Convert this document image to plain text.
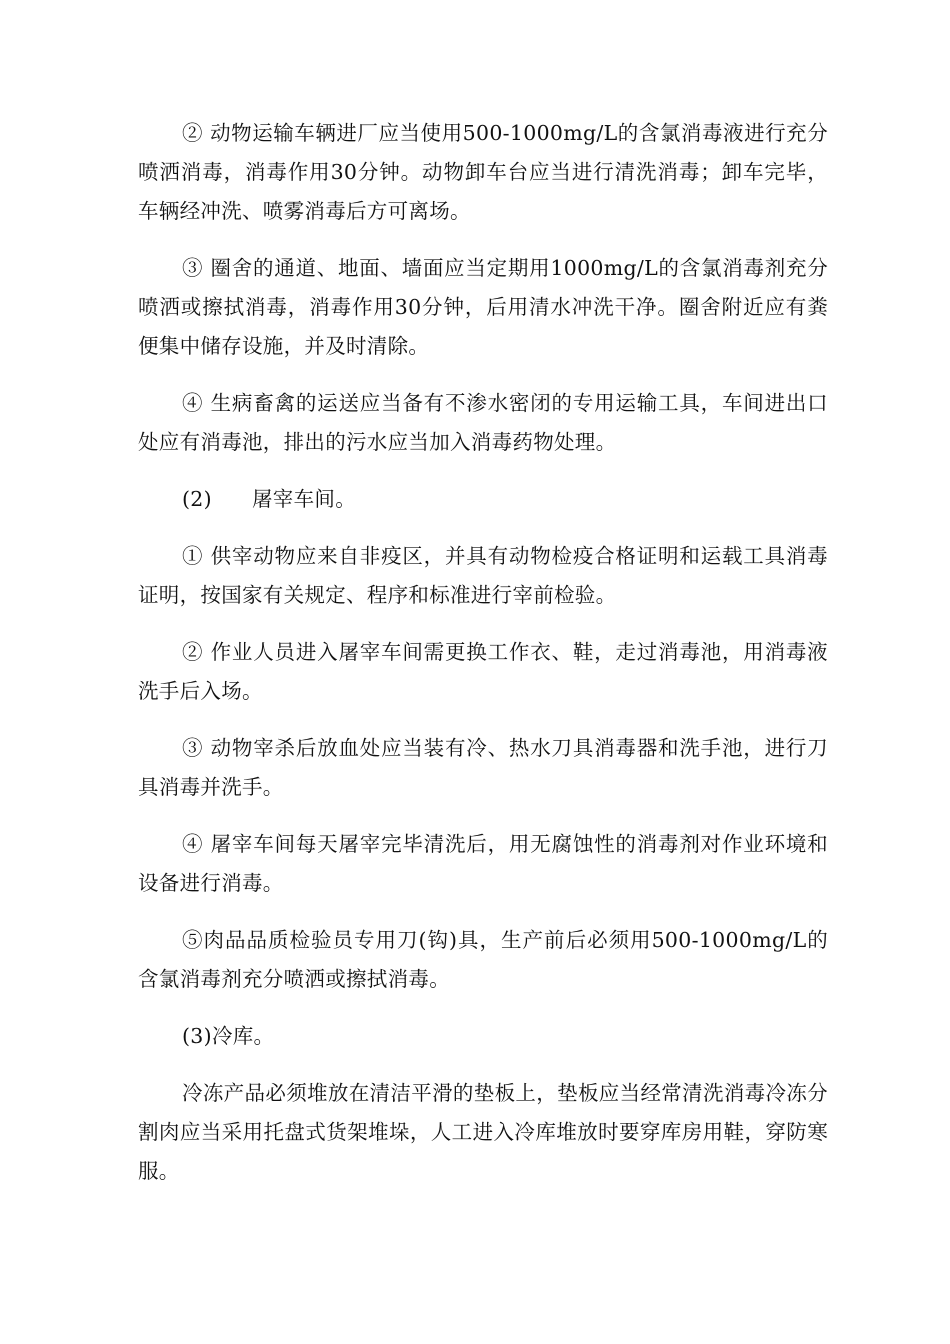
② 动物运输车辆进厂应当使用500-1000mg/L的含氯消毒液进行充分喷洒消毒，消毒作用30分钟。动物卸车台应当进行清洗消毒；卸车完毕，车辆经冲洗、喷雾消毒后方可离场。

③ 圈舍的通道、地面、墙面应当定期用1000mg/L的含氯消毒剂充分喷洒或擦拭消毒，消毒作用30分钟，后用清水冲洗干净。圈舍附近应有粪便集中储存设施，并及时清除。

④ 生病畜禽的运送应当备有不渗水密闭的专用运输工具，车间进出口处应有消毒池，排出的污水应当加入消毒药物处理。

(2) 屠宰车间。

① 供宰动物应来自非疫区，并具有动物检疫合格证明和运载工具消毒证明，按国家有关规定、程序和标准进行宰前检验。

② 作业人员进入屠宰车间需更换工作衣、鞋，走过消毒池，用消毒液洗手后入场。

③ 动物宰杀后放血处应当装有冷、热水刀具消毒器和洗手池，进行刀具消毒并洗手。

④ 屠宰车间每天屠宰完毕清洗后，用无腐蚀性的消毒剂对作业环境和设备进行消毒。

⑤肉品品质检验员专用刀(钩)具，生产前后必须用500-1000mg/L的含氯消毒剂充分喷洒或擦拭消毒。

(3)冷库。

冷冻产品必须堆放在清洁平滑的垫板上，垫板应当经常清洗消毒冷冻分割肉应当采用托盘式货架堆垛，人工进入冷库堆放时要穿库房用鞋，穿防寒服。
